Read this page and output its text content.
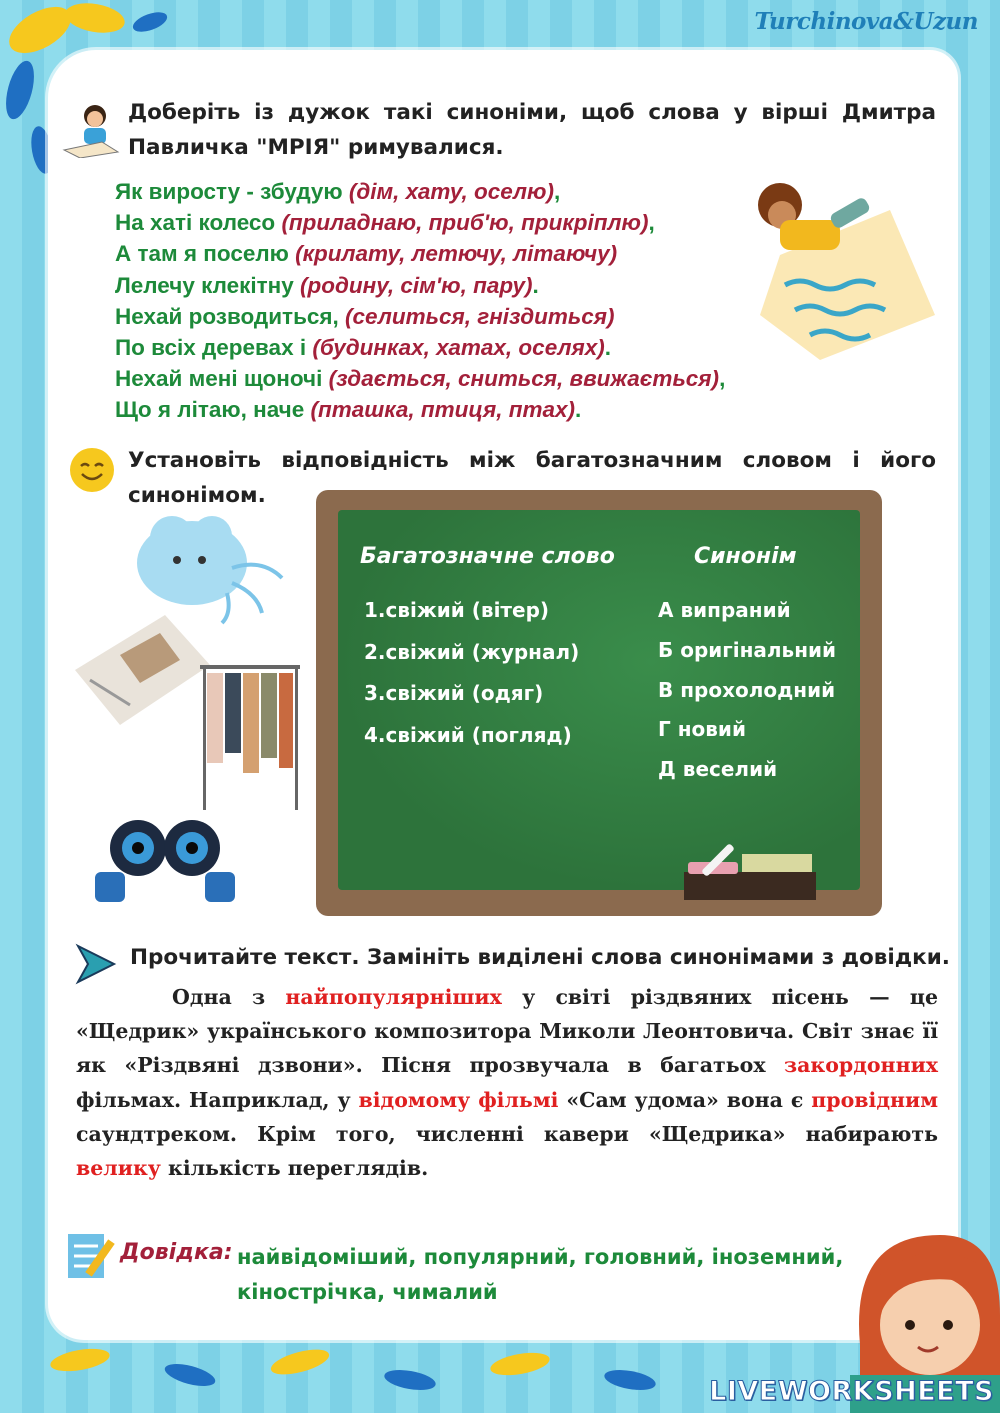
Turchinova&Uzun
Доберіть із дужок такі синоніми, щоб слова у вірші Дмитра Павличка "МРІЯ" римувалися.
Як виросту - збудую (дім, хату, оселю),
На хаті колесо (приладнаю, приб'ю, прикріплю),
А там я поселю (крилату, летючу, літаючу)
Лелечу клекітну (родину, сім'ю, пару).
Нехай розводиться, (селиться, гніздиться)
По всіх деревах і (будинках, хатах, оселях).
Нехай мені щоночі (здається, сниться, ввижається),
Що я літаю, наче (пташка, птиця, птах).
Установіть відповідність між багатозначним словом і його синонімом.
Багатозначне слово	Синонім
1.свіжий (вітер)
2.свіжий (журнал)
3.свіжий (одяг)
4.свіжий (погляд)
А випраний
Б оригінальний
В прохолодний
Г новий
Д веселий
Прочитайте текст. Замініть виділені слова синонімами з довідки.
Одна з найпопулярніших у світі різдвяних пісень — це «Щедрик» українського композитора Миколи Леонтовича. Світ знає її як «Різдвяні дзвони». Пісня прозвучала в багатьох закордонних фільмах. Наприклад, у відомому фільмі «Сам удома» вона є провідним саундтреком. Крім того, численні кавери «Щедрика» набирають велику кількість переглядів.
Довідка: найвідоміший, популярний, головний, іноземний, кінострічка, чималий
LIVEWORKSHEETS
